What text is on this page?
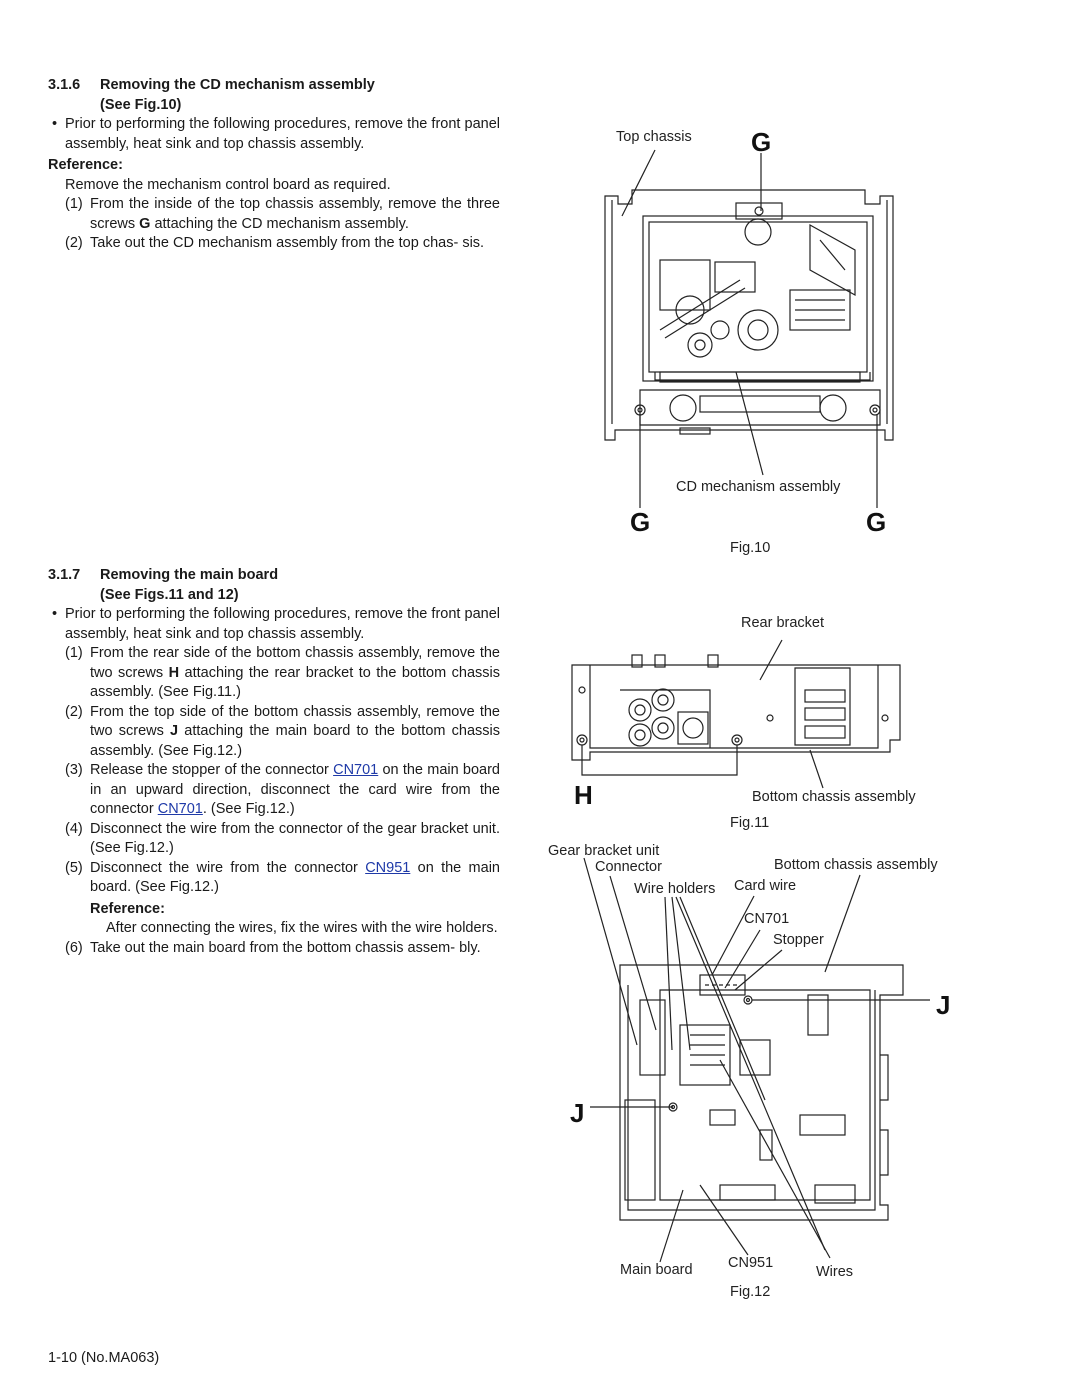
3.1.6 Removing the CD mechanism assembly
(See Fig.10)
• Prior to performing the following procedures, remove the front panel assembly, heat sink and top chassis assembly.
Reference:
Remove the mechanism control board as required.
(1) From the inside of the top chassis assembly, remove the three screws G attaching the CD mechanism assembly.
(2) Take out the CD mechanism assembly from the top chas- sis.
3.1.7 Removing the main board
(See Figs.11 and 12)
• Prior to performing the following procedures, remove the front panel assembly, heat sink and top chassis assembly.
(1) From the rear side of the bottom chassis assembly, remove the two screws H attaching the rear bracket to the bottom chassis assembly. (See Fig.11.)
(2) From the top side of the bottom chassis assembly, remove the two screws J attaching the main board to the bottom chassis assembly. (See Fig.12.)
(3) Release the stopper of the connector CN701 on the main board in an upward direction, disconnect the card wire from the connector CN701. (See Fig.12.)
(4) Disconnect the wire from the connector of the gear bracket unit. (See Fig.12.)
(5) Disconnect the wire from the connector CN951 on the main board. (See Fig.12.)
Reference:
After connecting the wires, fix the wires with the wire holders.
(6) Take out the main board from the bottom chassis assem- bly.
Top chassis G
CD mechanism assembly
G	G
Fig.10
Rear bracket
H	Bottom chassis assembly
Fig.11
Gear bracket unit
Connector	Bottom chassis assembly
Wire holders Card wire
CN701
Stopper
J
J
Main board CN951
Wires
Fig.12
1-10 (No.MA063)
